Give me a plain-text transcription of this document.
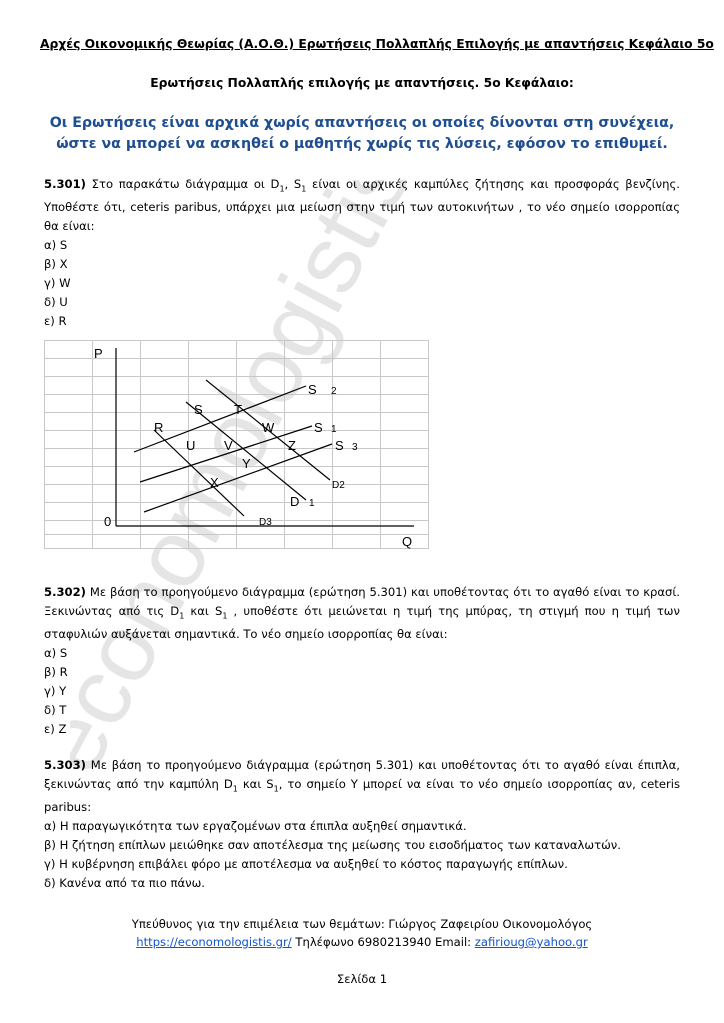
economologistis.gr/
Αρχές Οικονομικής Θεωρίας (Α.Ο.Θ.) Ερωτήσεις Πολλαπλής Επιλογής με απαντήσεις Κεφάλαιο 5ο
Ερωτήσεις Πολλαπλής επιλογής με απαντήσεις. 5ο Κεφάλαιο:
Οι Ερωτήσεις είναι αρχικά χωρίς απαντήσεις οι οποίες δίνονται στη συνέχεια,
ώστε να μπορεί να ασκηθεί ο μαθητής χωρίς τις λύσεις, εφόσον το επιθυμεί.

5.301) Στο παρακάτω διάγραμμα οι $D_1$, $S_1$ είναι οι αρχικές καμπύλες ζήτησης και προσφοράς βενζίνης. Υποθέστε ότι, ceteris paribus, υπάρχει μια μείωση στην τιμή των αυτοκινήτων , το νέο σημείο ισορροπίας θα είναι:

α) S
β) X
γ) W
δ) U
ε) R
P
Q
0
S T
R	W
U V	Z
Y
X
S 2
S 1
S 3
D2
D 1
D3

5.302) Με βάση το προηγούμενο διάγραμμα (ερώτηση 5.301) και υποθέτοντας ότι το αγαθό είναι το κρασί. Ξεκινώντας από τις $D_1$ και $S_1$ , υποθέστε ότι μειώνεται η τιμή της μπύρας, τη στιγμή που η τιμή των σταφυλιών αυξάνεται σημαντικά. Το νέο σημείο ισορροπίας θα είναι:

α) S
β) R
γ) Y
δ) T
ε) Z

5.303) Με βάση το προηγούμενο διάγραμμα (ερώτηση 5.301) και υποθέτοντας ότι το αγαθό είναι έπιπλα, ξεκινώντας από την καμπύλη $D_1$ και $S_1$, το σημείο Y μπορεί να είναι το νέο σημείο ισορροπίας αν, ceteris paribus:

α) Η παραγωγικότητα των εργαζομένων στα έπιπλα αυξηθεί σημαντικά.
β) Η ζήτηση επίπλων μειώθηκε σαν αποτέλεσμα της μείωσης του εισοδήματος των καταναλωτών.
γ) Η κυβέρνηση επιβάλει φόρο με αποτέλεσμα να αυξηθεί το κόστος παραγωγής επίπλων.
δ) Κανένα από τα πιο πάνω.
Υπεύθυνος για την επιμέλεια των θεμάτων: Γιώργος Ζαφειρίου Οικονομολόγος
https://economologistis.gr/ Τηλέφωνο 6980213940 Email: zafirioug@yahoo.gr
Σελίδα 1
